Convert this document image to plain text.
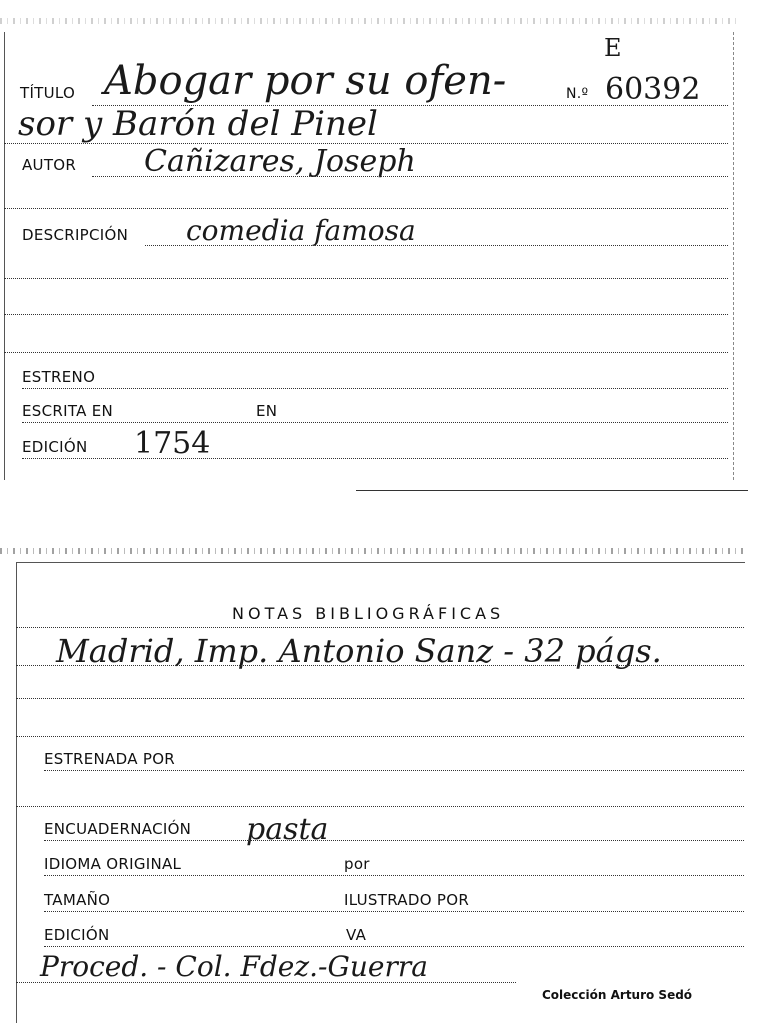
E
TÍTULO Abogar por su ofen-	N.º 60392
sor y Barón del Pinel
AUTOR Cañizares, Joseph
DESCRIPCIÓN comedia famosa
ESTRENO
ESCRITA EN	EN
EDICIÓN 1754
NOTAS BIBLIOGRÁFICAS
Madrid, Imp. Antonio Sanz - 32 págs.
ESTRENADA POR
ENCUADERNACIÓN pasta
IDIOMA ORIGINAL	por
TAMAÑO	ILUSTRADO POR
EDICIÓN	VA
Proced. - Col. Fdez.-Guerra
Colección Arturo Sedó
